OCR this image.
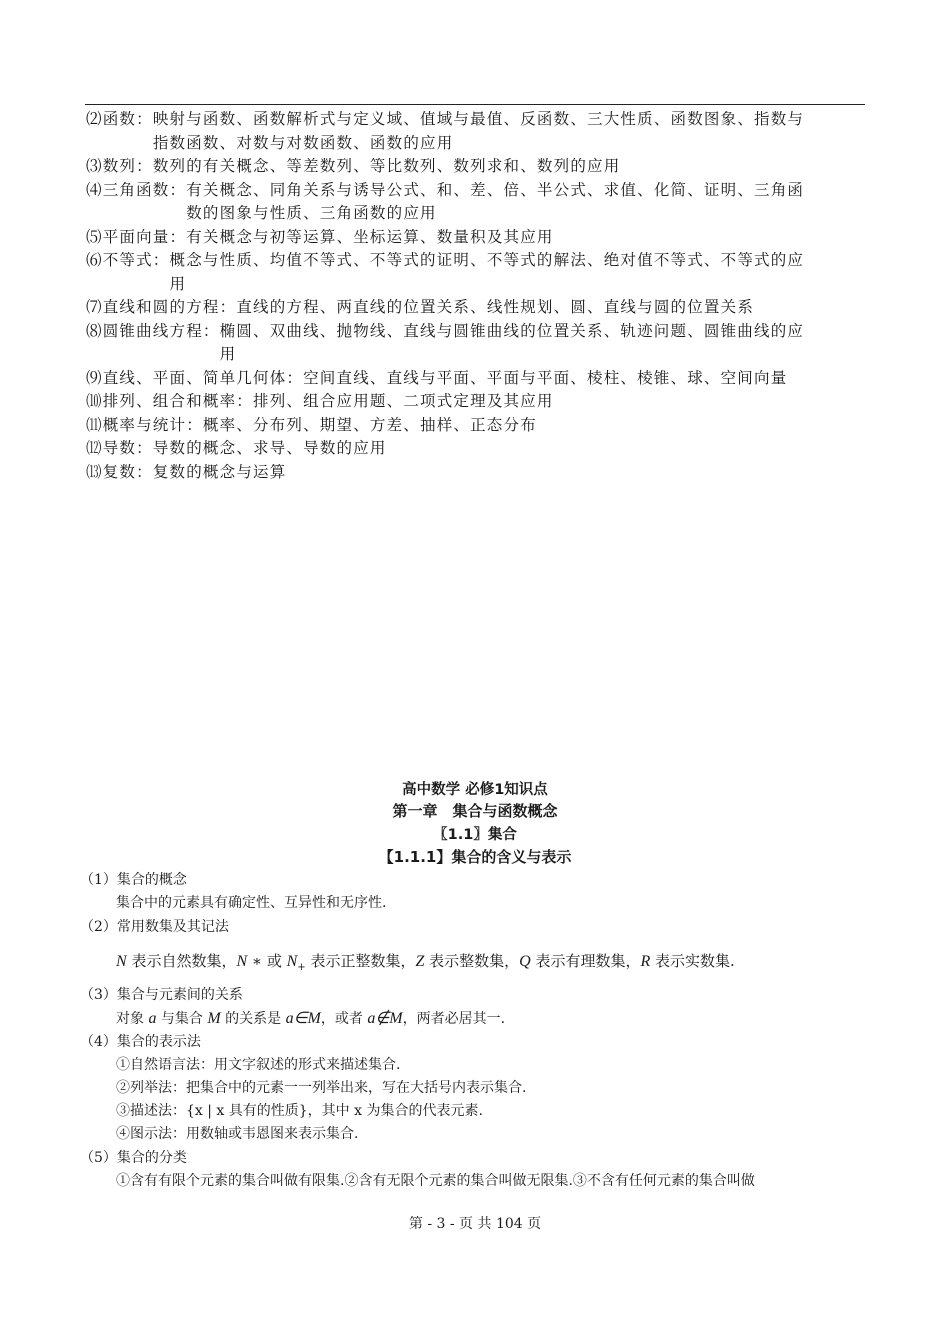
⑵ 函数： 映射与函数、函数解析式与定义域、值域与最值、反函数、三大性质、函数图象、指数与
指数函数、对数与对数函数、函数的应用
⑶ 数列： 数列的有关概念、等差数列、等比数列、数列求和、数列的应用
⑷ 三角函数： 有关概念、同角关系与诱导公式、和、差、倍、半公式、求值、化简、证明、三角函
数的图象与性质、三角函数的应用
⑸ 平面向量： 有关概念与初等运算、坐标运算、数量积及其应用
⑹ 不等式： 概念与性质、均值不等式、不等式的证明、不等式的解法、绝对值不等式、不等式的应
用
⑺ 直线和圆的方程： 直线的方程、两直线的位置关系、线性规划、圆、直线与圆的位置关系
⑻ 圆锥曲线方程： 椭圆、双曲线、抛物线、直线与圆锥曲线的位置关系、轨迹问题、圆锥曲线的应
用
⑼ 直线、平面、简单几何体： 空间直线、直线与平面、平面与平面、棱柱、棱锥、球、空间向量
⑽ 排列、组合和概率： 排列、组合应用题、二项式定理及其应用
⑾ 概率与统计： 概率、分布列、期望、方差、抽样、正态分布
⑿ 导数： 导数的概念、求导、导数的应用
⒀ 复数： 复数的概念与运算
高中数学 必修1知识点
第一章　集合与函数概念
〖1.1〗集合
【1.1.1】集合的含义与表示
（1）集合的概念
集合中的元素具有确定性、互异性和无序性.
（2）常用数集及其记法
N 表示自然数集，N ∗ 或 $N_+$ 表示正整数集，Z 表示整数集，Q 表示有理数集，R 表示实数集.
（3）集合与元素间的关系
对象 a 与集合 M 的关系是 a∈M，或者 a∉M，两者必居其一.
（4）集合的表示法
①自然语言法：用文字叙述的形式来描述集合.
②列举法：把集合中的元素一一列举出来，写在大括号内表示集合.
③描述法：{x | x 具有的性质}，其中 x 为集合的代表元素.
④图示法：用数轴或韦恩图来表示集合.
（5）集合的分类
①含有有限个元素的集合叫做有限集.②含有无限个元素的集合叫做无限集.③不含有任何元素的集合叫做
第 - 3 - 页 共 104 页
